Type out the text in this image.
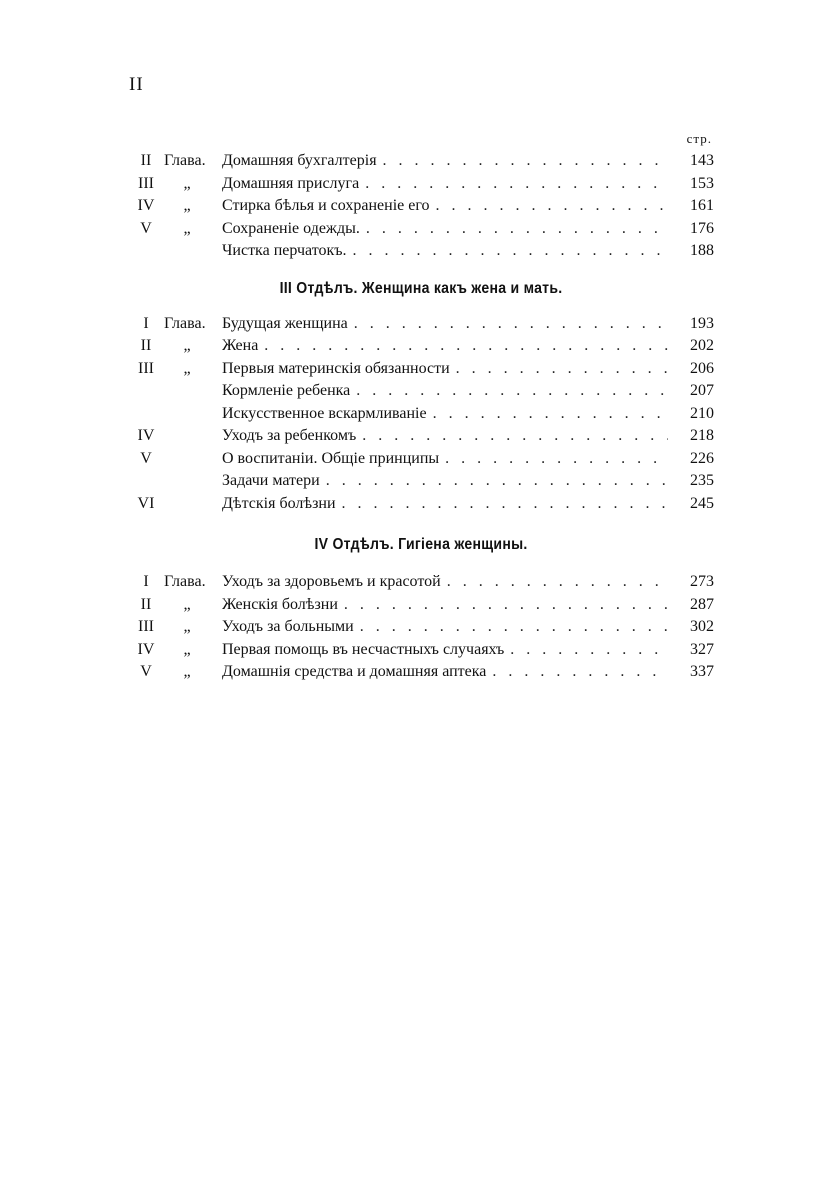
II
стр.
II Глава.	Домашняя бухгалтерія . . .	143
III	„	Домашняя прислуга . . .	153
IV	„	Стирка бѣлья и сохраненіе его . . .	161
V	„	Сохраненіе одежды. . . .	176
Чистка перчатокъ. . . .	188
III Отдѣлъ. Женщина какъ жена и мать.
I Глава.	Будущая женщина . . .	193
II	„	Жена . . .	202
III	„	Первыя материнскія обязанности . . .	206
Кормленіе ребенка . . .	207
Искусственное вскармливаніе . . .	210
IV	Уходъ за ребенкомъ . . .	218
V	О воспитаніи. Общіе принципы . . .	226
Задачи матери . . .	235
VI	Дѣтскія болѣзни . . .	245
IV Отдѣлъ. Гигіена женщины.
I Глава.	Уходъ за здоровьемъ и красотой . . .	273
II	„	Женскія болѣзни . . .	287
III	„	Уходъ за больными . . .	302
IV	„	Первая помощь въ несчастныхъ случаяхъ . . .	327
V	„	Домашнія средства и домашняя аптека . . .	337
